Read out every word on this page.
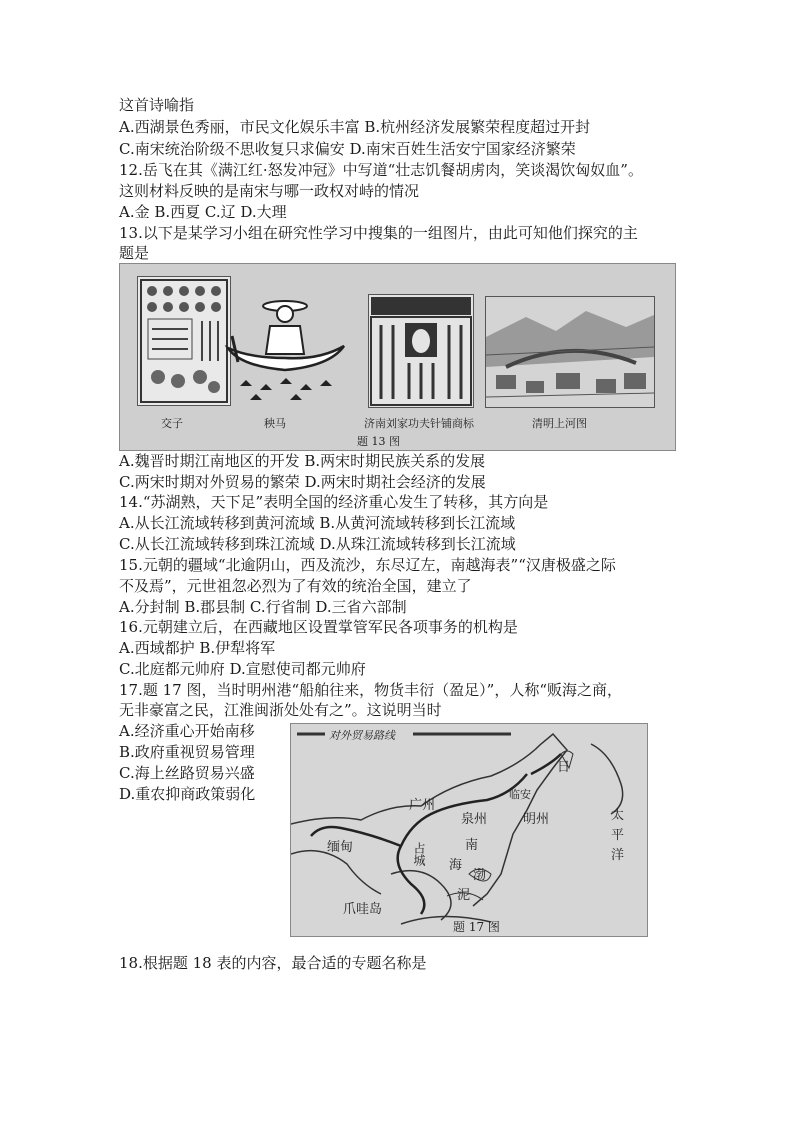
这首诗喻指
A.西湖景色秀丽，市民文化娱乐丰富 B.杭州经济发展繁荣程度超过开封
C.南宋统治阶级不思收复只求偏安 D.南宋百姓生活安宁国家经济繁荣
12.岳飞在其《满江红·怒发冲冠》中写道“壮志饥餐胡虏肉，笑谈渴饮匈奴血”。
这则材料反映的是南宋与哪一政权对峙的情况
A.金 B.西夏 C.辽 D.大理
13.以下是某学习小组在研究性学习中搜集的一组图片，由此可知他们探究的主
题是
交子	秧马	济南刘家功夫针铺商标	清明上河图
题 13 图
A.魏晋时期江南地区的开发 B.两宋时期民族关系的发展
C.两宋时期对外贸易的繁荣 D.两宋时期社会经济的发展
14.“苏湖熟，天下足”表明全国的经济重心发生了转移，其方向是
A.从长江流域转移到黄河流域 B.从黄河流域转移到长江流域
C.从长江流域转移到珠江流域 D.从珠江流域转移到长江流域
15.元朝的疆域“北逾阴山，西及流沙，东尽辽左，南越海表”“汉唐极盛之际
不及焉”，元世祖忽必烈为了有效的统治全国，建立了
A.分封制 B.郡县制 C.行省制 D.三省六部制
16.元朝建立后，在西藏地区设置掌管军民各项事务的机构是
A.西域都护 B.伊犁将军
C.北庭都元帅府 D.宣慰使司都元帅府
17.题 17 图，当时明州港“船舶往来，物货丰衍（盈足）”，人称“贩海之商，
无非豪富之民，江淮闽浙处处有之”。这说明当时
A.经济重心开始南移
B.政府重视贸易管理
C.海上丝路贸易兴盛
D.重农抑商政策弱化
对外贸易路线
临安
泉州	明州
广州
缅甸	占城	南
海
渤
泥
爪哇岛
日
太
平
洋
题 17 图
18.根据题 18 表的内容，最合适的专题名称是
